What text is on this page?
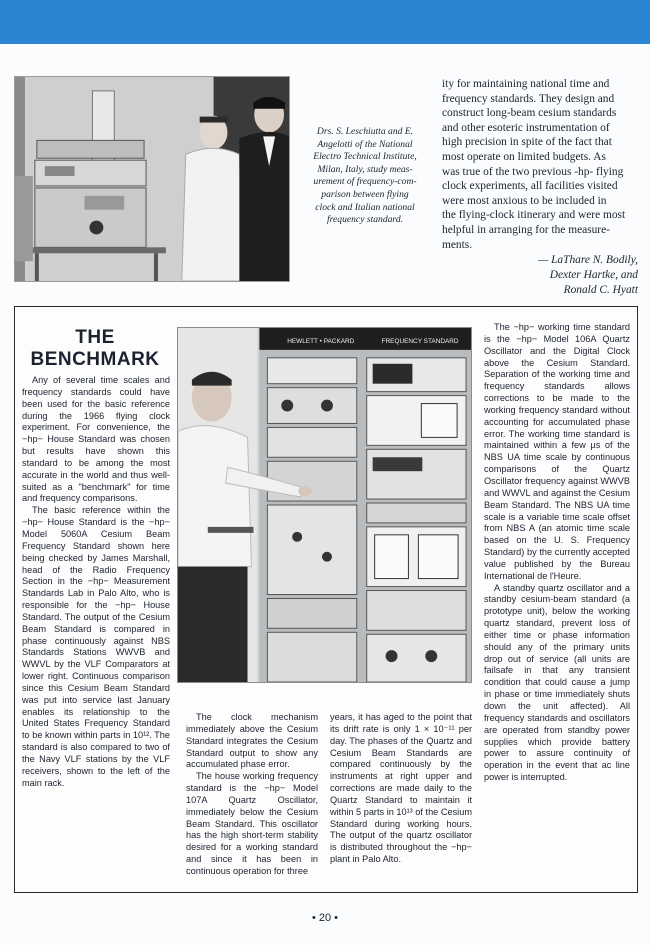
Drs. S. Leschiutta and E.
Angelotti of the National
Electro Technical Institute,
Milan, Italy, study meas-
urement of frequency-com-
parison between flying
clock and Italian national
frequency standard.
ity for maintaining national time and
frequency standards. They design and
construct long-beam cesium standards
and other esoteric instrumentation of
high precision in spite of the fact that
most operate on limited budgets. As
was true of the two previous -hp- flying
clock experiments, all facilities visited
were most anxious to be included in
the flying-clock itinerary and were most
helpful in arranging for the measure-
ments.
— LaThare N. Bodily,
Dexter Hartke, and
Ronald C. Hyatt
THE
BENCHMARK

Any of several time scales and frequency standards could have been used for the basic reference during the 1966 flying clock experiment. For convenience, the −hp− House Standard was chosen but results have shown this standard to be among the most accurate in the world and thus well-suited as a "benchmark" for time and frequency comparisons.

The basic reference within the −hp− House Standard is the −hp− Model 5060A Cesium Beam Frequency Standard shown here being checked by James Marshall, head of the Radio Frequency Section in the −hp− Measurement Standards Lab in Palo Alto, who is responsible for the −hp− House Standard. The output of the Cesium Beam Standard is compared in phase continuously against NBS Standards Stations WWVB and WWVL by the VLF Comparators at lower right. Continuous comparison since this Cesium Beam Standard was put into service last January enables its relationship to the United States Frequency Standard to be known within parts in 10¹². The standard is also compared to two of the Navy VLF stations by the VLF receivers, shown to the left of the main rack.

HEWLETT • PACKARD	FREQUENCY STANDARD

The clock mechanism immediately above the Cesium Standard integrates the Cesium Standard output to show any accumulated phase error.

The house working frequency standard is the −hp− Model 107A Quartz Oscillator, immediately below the Cesium Beam Standard. This oscillator has the high short-term stability desired for a working standard and since it has been in continuous operation for three

years, it has aged to the point that its drift rate is only 1 × 10⁻¹¹ per day. The phases of the Quartz and Cesium Beam Standards are compared continuously by the instruments at right upper and corrections are made daily to the Quartz Standard to maintain it within 5 parts in 10¹³ of the Cesium Standard during working hours. The output of the quartz oscillator is distributed throughout the −hp− plant in Palo Alto.

The −hp− working time standard is the −hp− Model 106A Quartz Oscillator and the Digital Clock above the Cesium Standard. Separation of the working time and frequency standards allows corrections to be made to the working frequency standard without accounting for accumulated phase error. The working time standard is maintained within a few µs of the NBS UA time scale by continuous comparisons of the Quartz Oscillator frequency against WWVB and WWVL and against the Cesium Beam Standard. The NBS UA time scale is a variable time scale offset from NBS A (an atomic time scale based on the U. S. Frequency Standard) by the currently accepted value published by the Bureau International de l'Heure.

A standby quartz oscillator and a standby cesium-beam standard (a prototype unit), below the working quartz standard, prevent loss of either time or phase information should any of the primary units drop out of service (all units are failsafe in that any transient condition that could cause a jump in phase or time immediately shuts down the unit affected). All frequency standards and oscillators are operated from standby power supplies which provide battery power to assure continuity of operation in the event that ac line power is interrupted.

• 20 •
